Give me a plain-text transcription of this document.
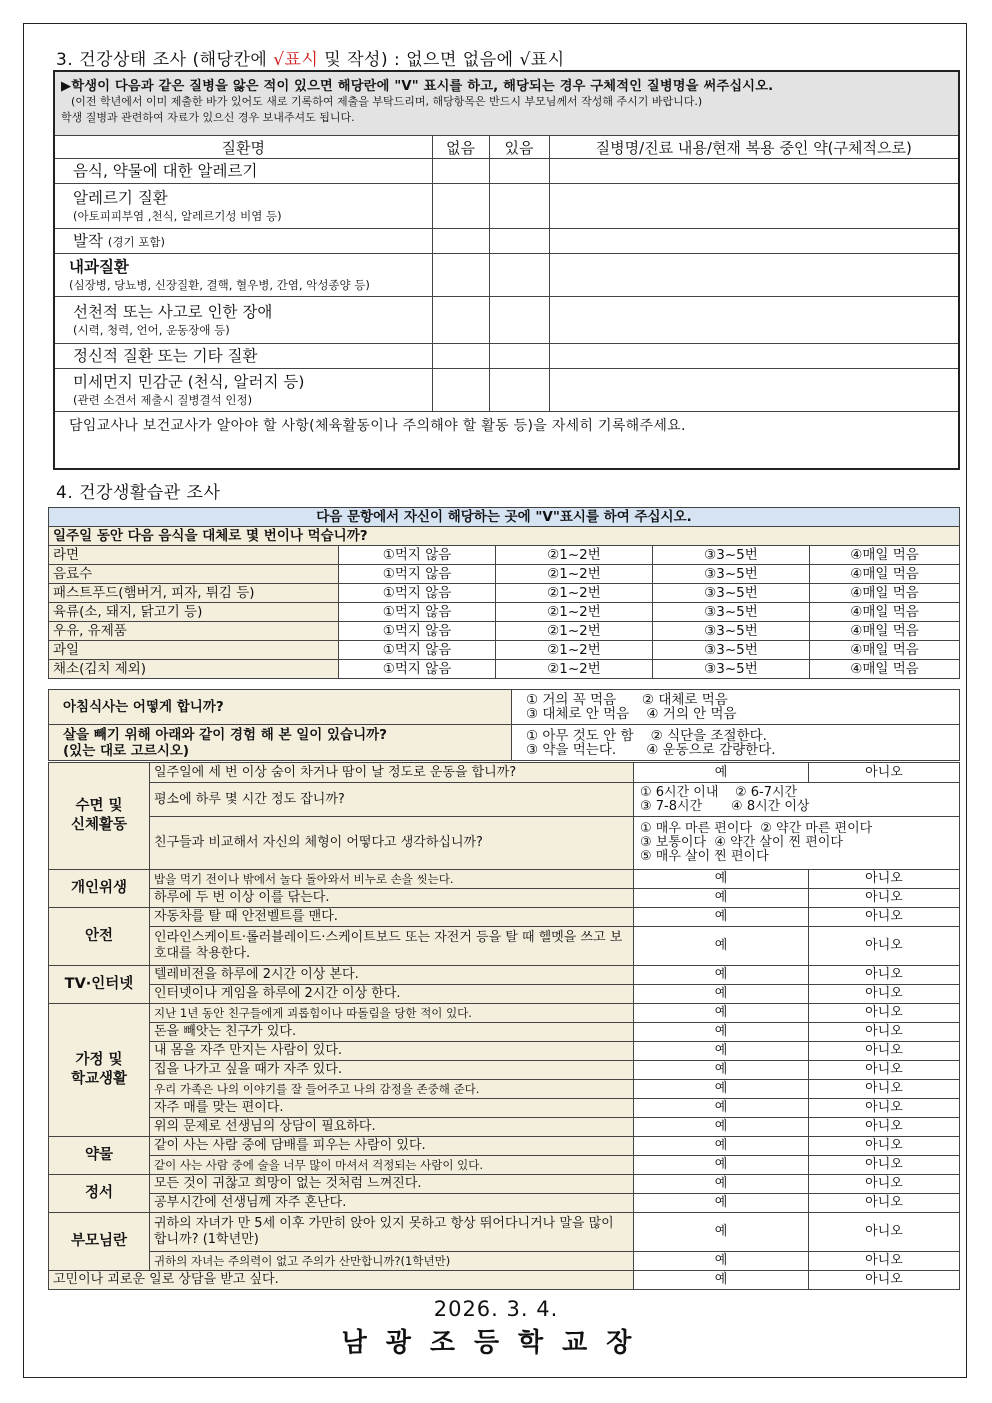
3. 건강상태 조사 (해당칸에 √표시 및 작성) : 없으면 없음에 √표시
▶학생이 다음과 같은 질병을 앓은 적이 있으면 해당란에 "V" 표시를 하고, 해당되는 경우 구체적인 질병명을 써주십시오.
(이전 학년에서 이미 제출한 바가 있어도 새로 기록하여 제출을 부탁드리며, 해당항목은 반드시 부모님께서 작성해 주시기 바랍니다.)
학생 질병과 관련하여 자료가 있으신 경우 보내주셔도 됩니다.			

질환명	없음	있음	질병명/진료 내용/현재 복용 중인 약(구체적으로)
음식, 약물에 대한 알레르기			

알레르기 질환
(아토피피부염 ,천식, 알레르기성 비염 등)			

발작 (경기 포함)			

내과질환
(심장병, 당뇨병, 신장질환, 결핵, 혈우병, 간염, 악성종양 등)			

선천적 또는 사고로 인한 장애
(시력, 청력, 언어, 운동장애 등)			

정신적 질환 또는 기타 질환			

미세먼지 민감군 (천식, 알러지 등)
(관련 소견서 제출시 질병결석 인정)			

담임교사나 보건교사가 알아야 할 사항(체육활동이나 주의해야 할 활동 등)을 자세히 기록해주세요.			
4. 건강생활습관 조사
다음 문항에서 자신이 해당하는 곳에 "V"표시를 하여 주십시오.				
일주일 동안 다음 음식을 대체로 몇 번이나 먹습니까?				
라면	①먹지 않음	②1~2번	③3~5번	④매일 먹음
음료수	①먹지 않음	②1~2번	③3~5번	④매일 먹음
패스트푸드(햄버거, 피자, 튀김 등)	①먹지 않음	②1~2번	③3~5번	④매일 먹음
육류(소, 돼지, 닭고기 등)	①먹지 않음	②1~2번	③3~5번	④매일 먹음
우유, 유제품	①먹지 않음	②1~2번	③3~5번	④매일 먹음
과일	①먹지 않음	②1~2번	③3~5번	④매일 먹음
채소(김치 제외)	①먹지 않음	②1~2번	③3~5번	④매일 먹음
아침식사는 어떻게 합니까?	① 거의 꼭 먹음      ② 대체로 먹음
③ 대체로 안 먹음    ④ 거의 안 먹음
살을 빼기 위해 아래와 같이 경험 해 본 일이 있습니까?
(있는 대로 고르시오)	① 아무 것도 안 함    ② 식단을 조절한다.
③ 약을 먹는다.       ④ 운동으로 감량한다.
수면 및
신체활동	일주일에 세 번 이상 숨이 차거나 땀이 날 정도로 운동을 합니까?	예	아니오
	평소에 하루 몇 시간 정도 잡니까?	① 6시간 이내    ② 6-7시간
③ 7-8시간       ④ 8시간 이상	
	친구들과 비교해서 자신의 체형이 어떻다고 생각하십니까?	① 매우 마른 편이다  ② 약간 마른 편이다
③ 보통이다  ④ 약간 살이 찐 편이다
⑤ 매우 살이 찐 편이다	
개인위생	밥을 먹기 전이나 밖에서 놀다 돌아와서 비누로 손을 씻는다.	예	아니오
	하루에 두 번 이상 이를 닦는다.	예	아니오
안전	자동차를 탈 때 안전벨트를 맨다.	예	아니오
	인라인스케이트·롤러블레이드·스케이트보드 또는 자전거 등을 탈 때 헬멧을 쓰고 보호대를 착용한다.	예	아니오
TV·인터넷	텔레비전을 하루에 2시간 이상 본다.	예	아니오
	인터넷이나 게임을 하루에 2시간 이상 한다.	예	아니오
가정 및
학교생활	지난 1년 동안 친구들에게 괴롭힘이나 따돌림을 당한 적이 있다.	예	아니오
	돈을 빼앗는 친구가 있다.	예	아니오
	내 몸을 자주 만지는 사람이 있다.	예	아니오
	집을 나가고 싶을 때가 자주 있다.	예	아니오
	우리 가족은 나의 이야기를 잘 들어주고 나의 감정을 존중해 준다.	예	아니오
	자주 매를 맞는 편이다.	예	아니오
	위의 문제로 선생님의 상담이 필요하다.	예	아니오
약물	같이 사는 사람 중에 담배를 피우는 사람이 있다.	예	아니오
	같이 사는 사람 중에 술을 너무 많이 마셔서 걱정되는 사람이 있다.	예	아니오
정서	모든 것이 귀찮고 희망이 없는 것처럼 느껴진다.	예	아니오
	공부시간에 선생님께 자주 혼난다.	예	아니오
부모님란	귀하의 자녀가 만 5세 이후 가만히 앉아 있지 못하고 항상 뛰어다니거나 말을 많이 합니까? (1학년만)	예	아니오
	귀하의 자녀는 주의력이 없고 주의가 산만합니까?(1학년만)	예	아니오
고민이나 괴로운 일로 상담을 받고 싶다.		예	아니오
2026. 3. 4.
남광조등학교장
